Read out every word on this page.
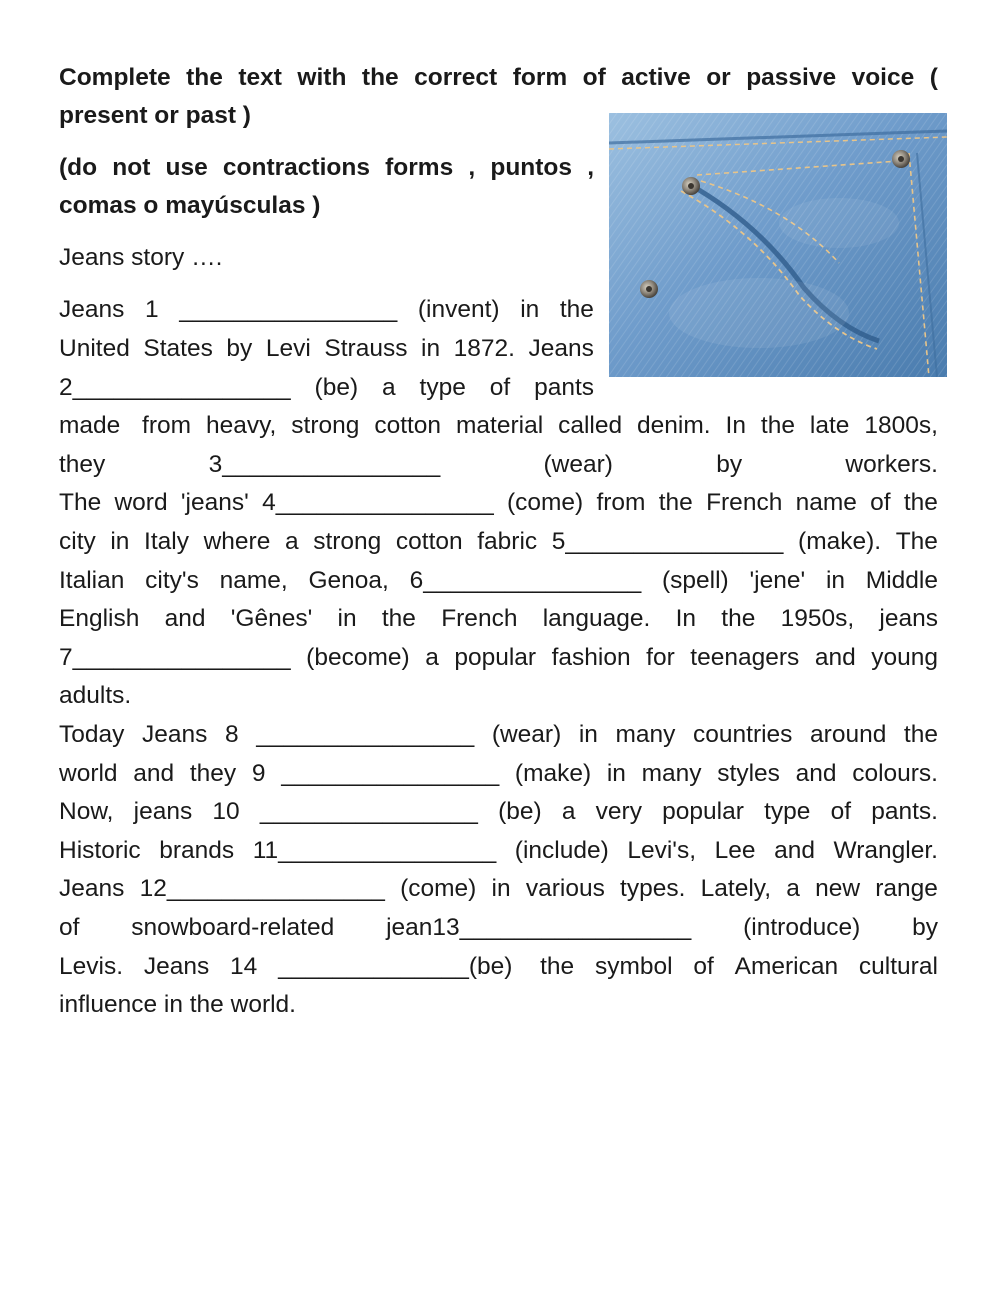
Complete the text with the correct form of active or passive voice (
present or past )
(do not use contractions forms , puntos ,
comas o mayúsculas )
Jeans story ….
Jeans 1 ________________ (invent) in the
United States by Levi Strauss in 1872. Jeans
2________________ (be) a type of pants
made from heavy, strong cotton material called denim. In the late 1800s,
they	3________________	(wear)	by	workers.
The word 'jeans' 4________________ (come) from the French name of the
city in Italy where a strong cotton fabric 5________________ (make). The
Italian city's name, Genoa, 6________________ (spell) 'jene' in Middle
English and 'Gênes' in the French language. In the 1950s, jeans
7________________ (become) a popular fashion for teenagers and young
adults.
Today Jeans 8 ________________ (wear) in many countries around the
world and they 9 ________________ (make) in many styles and colours.
Now, jeans 10 ________________ (be) a very popular type of pants.
Historic brands 11________________ (include) Levi's, Lee and Wrangler.
Jeans 12________________ (come) in various types. Lately, a new range
of snowboard-related jean13_________________ (introduce) by
Levis. Jeans 14 ______________(be) the symbol of American cultural
influence in the world.
